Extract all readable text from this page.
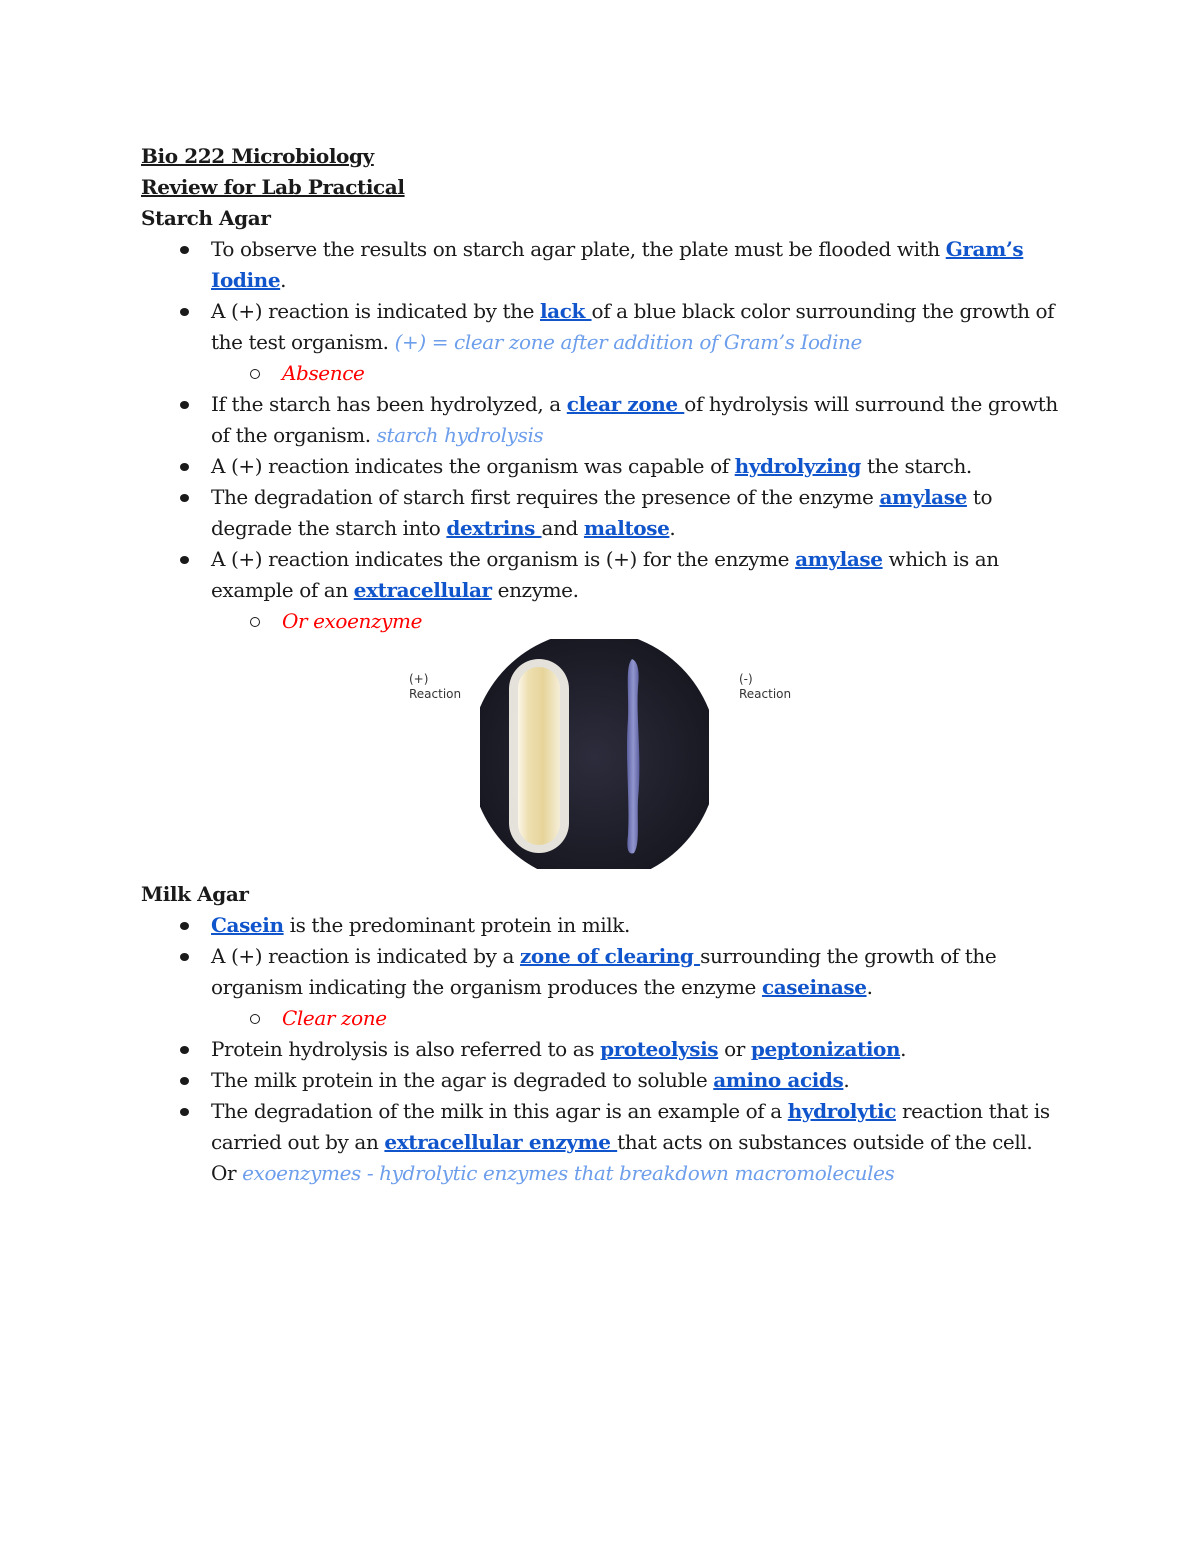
Bio 222 Microbiology
Review for Lab Practical
Starch Agar
To observe the results on starch agar plate, the plate must be flooded with Gram’s Iodine.
A (+) reaction is indicated by the lack of a blue black color surrounding the growth of the test organism. (+) = clear zone after addition of Gram’s Iodine
Absence
If the starch has been hydrolyzed, a clear zone of hydrolysis will surround the growth of the organism. starch hydrolysis
A (+) reaction indicates the organism was capable of hydrolyzing the starch.
The degradation of starch first requires the presence of the enzyme amylase to degrade the starch into dextrins and maltose.
A (+) reaction indicates the organism is (+) for the enzyme amylase which is an example of an extracellular enzyme.
Or exoenzyme
(+)
Reaction
(-)
Reaction
Milk Agar
Casein is the predominant protein in milk.
A (+) reaction is indicated by a zone of clearing surrounding the growth of the organism indicating the organism produces the enzyme caseinase.
Clear zone
Protein hydrolysis is also referred to as proteolysis or peptonization.
The milk protein in the agar is degraded to soluble amino acids.
The degradation of the milk in this agar is an example of a hydrolytic reaction that is carried out by an extracellular enzyme that acts on substances outside of the cell. Or exoenzymes - hydrolytic enzymes that breakdown macromolecules
